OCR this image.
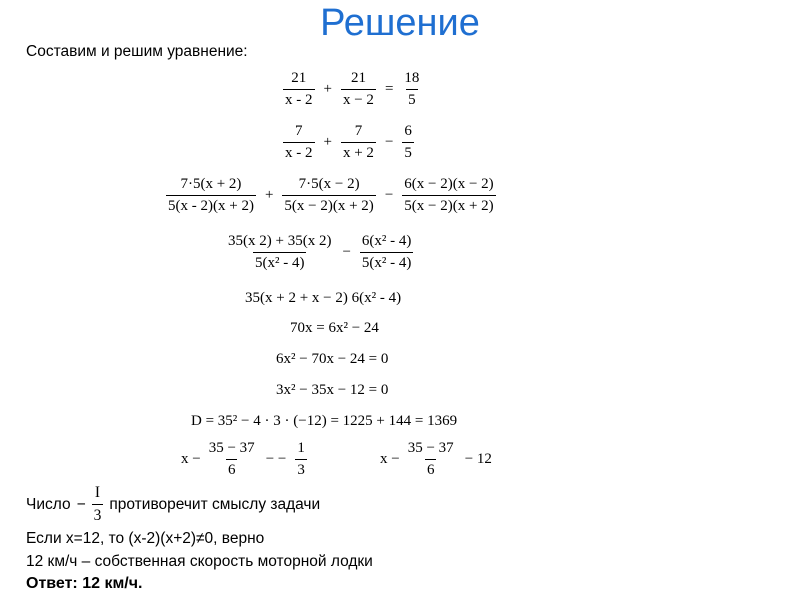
Решение
Составим и решим уравнение:
$\frac{21}{x - 2} + \frac{21}{x - 2} = \frac{18}{5}$
$\frac{7}{x - 2} + \frac{7}{x + 2} - \frac{6}{5}$
$\frac{7\cdot 5(x + 2)}{5(x - 2)(x + 2)} + \frac{7\cdot 5(x - 2)}{5(x - 2)(x + 2)} - \frac{6(x - 2)(x - 2)}{5(x - 2)(x + 2)}$
$\frac{35(x 2) + 35(x 2)}{\text{5(x² - 4)}} - \frac{\text{6(x² - 4)}}{\text{5(x² - 4)}}$
35(x + 2 + x − 2) 6(x² - 4)
70x = 6x² − 24
6x² − 70x − 24 = 0
3x² − 35x − 12 = 0
D = 35² − 4 · 3 · (−12) = 1225 + 144 = 1369
$x - \frac{35 - 37}{6}$ − − $\frac{1}{3}$	$x - \frac{35 - 37}{6} - 12$
Число − $\frac{I}{3}$ противоречит смыслу задачи
Если x=12, то (x-2)(x+2)≠0, верно
12 км/ч – собственная скорость моторной лодки
Ответ: 12 км/ч.
